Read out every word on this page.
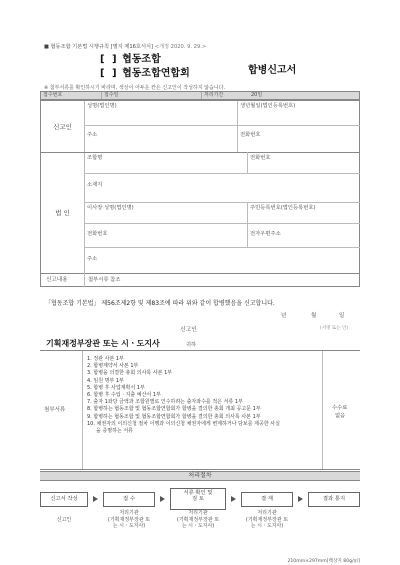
■ 협동조합 기본법 시행규칙 [별지 제16호서식] <개정 2020. 9. 29.>
[ ] 협동조합
[ ] 협동조합연합회	합병신고서
※ 첨부서류를 확인하시기 바라며, 색상이 어두운 칸은 신고인이 작성하지 않습니다.
접수번호	접수일	처리기간	20일
신고인
성명(법인명)	생년월일(법인등록번호)
주소	전화번호
법 인
조합명	전화번호
소재지
이사장 성명(법인명)	주민등록번호(법인등록번호)
전화번호	전자우편주소
주소
신고내용	첨부서류 참조
「협동조합 기본법」 제56조제2항 및 제83조에 따라 위와 같이 합병했음을 신고합니다.
년	월	일
신고인	(서명 또는 인)
기획재정부장관 또는 시ㆍ도지사	귀하
첨부서류
1. 정관 사본 1부
2. 합병계약서 사본 1부
3. 합병을 의결한 총회 의사록 사본 1부
4. 임원 명부 1부
5. 합병 후 사업계획서 1부
6. 합병 후 수입ㆍ지출 예산서 1부
7. 출자 1좌당 금액과 조합원별로 인수하려는 출자좌수를 적은 서류 1부
8. 합병하는 협동조합 및 협동조합연합회가 합병을 결의한 총회 개최 공고문 1부
9. 합병하는 협동조합 및 협동조합연합회가 합병을 결의한 총회 의사록 사본 1부
10. 채권자의 이의신청 절차 이행과 이의신청 채권자에게 변제하거나 담보를 제공한 사실
을 증명하는 서류
수수료
없음
처리절차
신고서 작성	접 수
서류 확인 및
검 토	결 재	결과 통지
신고인
처리기관
(기획재정부장관 또
는 시ㆍ도지사)
처리기관
(기획재정부장관 또
는 시ㆍ도지사)
처리기관
(기획재정부장관 또
는 시ㆍ도지사)
210mm×297mm[백상지 80g/㎡]
